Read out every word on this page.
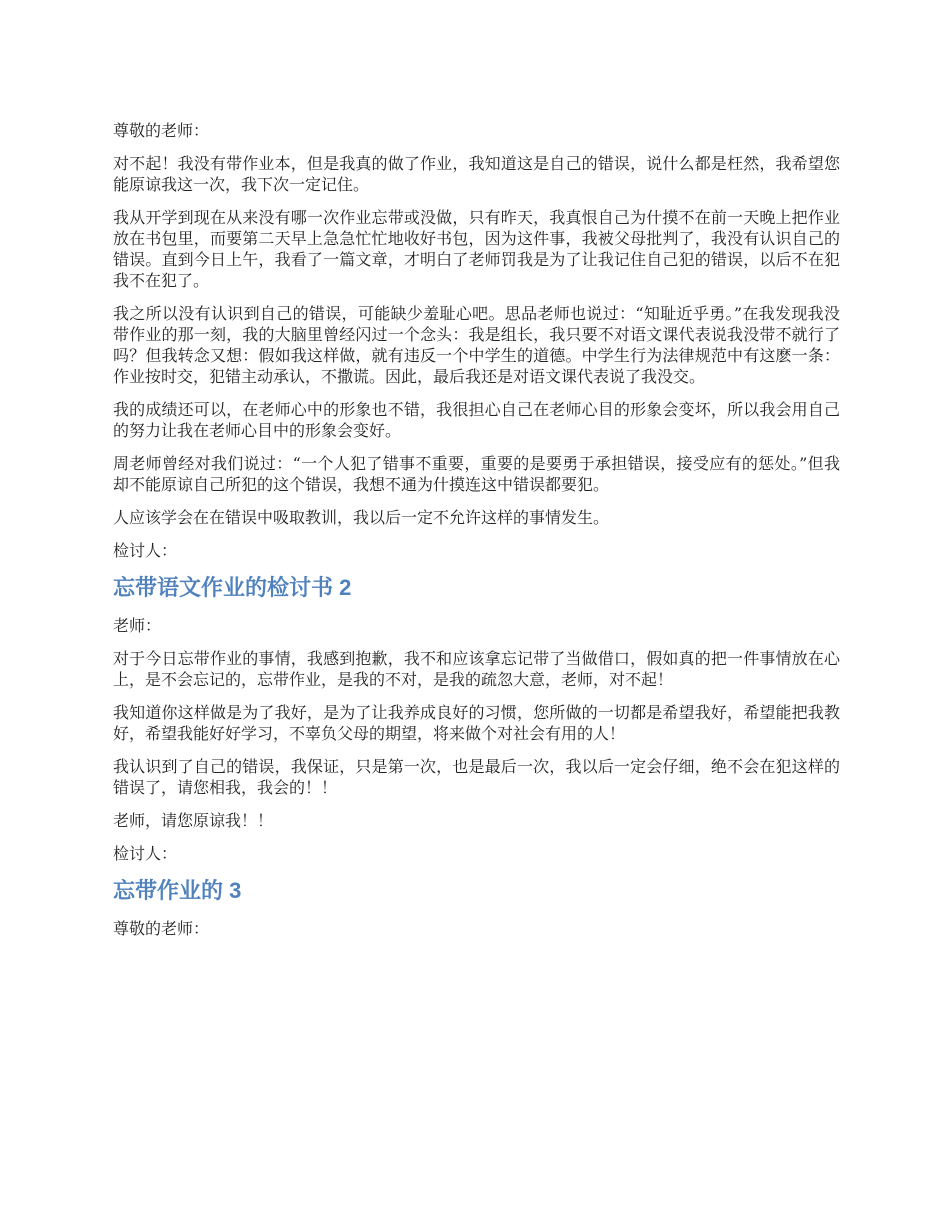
尊敬的老师：

对不起！我没有带作业本，但是我真的做了作业，我知道这是自己的错误，说什么都是枉然，我希望您能原谅我这一次，我下次一定记住。

我从开学到现在从来没有哪一次作业忘带或没做，只有昨天，我真恨自己为什摸不在前一天晚上把作业放在书包里，而要第二天早上急急忙忙地收好书包，因为这件事，我被父母批判了，我没有认识自己的错误。直到今日上午，我看了一篇文章，才明白了老师罚我是为了让我记住自己犯的错误，以后不在犯我不在犯了。

我之所以没有认识到自己的错误，可能缺少羞耻心吧。思品老师也说过：“知耻近乎勇。”在我发现我没带作业的那一刻，我的大脑里曾经闪过一个念头：我是组长，我只要不对语文课代表说我没带不就行了吗？但我转念又想：假如我这样做，就有违反一个中学生的道德。中学生行为法律规范中有这麽一条：作业按时交，犯错主动承认，不撒谎。因此，最后我还是对语文课代表说了我没交。

我的成绩还可以，在老师心中的形象也不错，我很担心自己在老师心目的形象会变坏，所以我会用自己的努力让我在老师心目中的形象会变好。

周老师曾经对我们说过：“一个人犯了错事不重要，重要的是要勇于承担错误，接受应有的惩处。”但我却不能原谅自己所犯的这个错误，我想不通为什摸连这中错误都要犯。

人应该学会在在错误中吸取教训，我以后一定不允许这样的事情发生。

检讨人：

忘带语文作业的检讨书 2

老师：

对于今日忘带作业的事情，我感到抱歉，我不和应该拿忘记带了当做借口，假如真的把一件事情放在心上，是不会忘记的，忘带作业，是我的不对，是我的疏忽大意，老师，对不起！

我知道你这样做是为了我好，是为了让我养成良好的习惯，您所做的一切都是希望我好，希望能把我教好，希望我能好好学习，不辜负父母的期望，将来做个对社会有用的人！

我认识到了自己的错误，我保证，只是第一次，也是最后一次，我以后一定会仔细，绝不会在犯这样的错误了，请您相我，我会的！！

老师，请您原谅我！！

检讨人：

忘带作业的 3

尊敬的老师：
